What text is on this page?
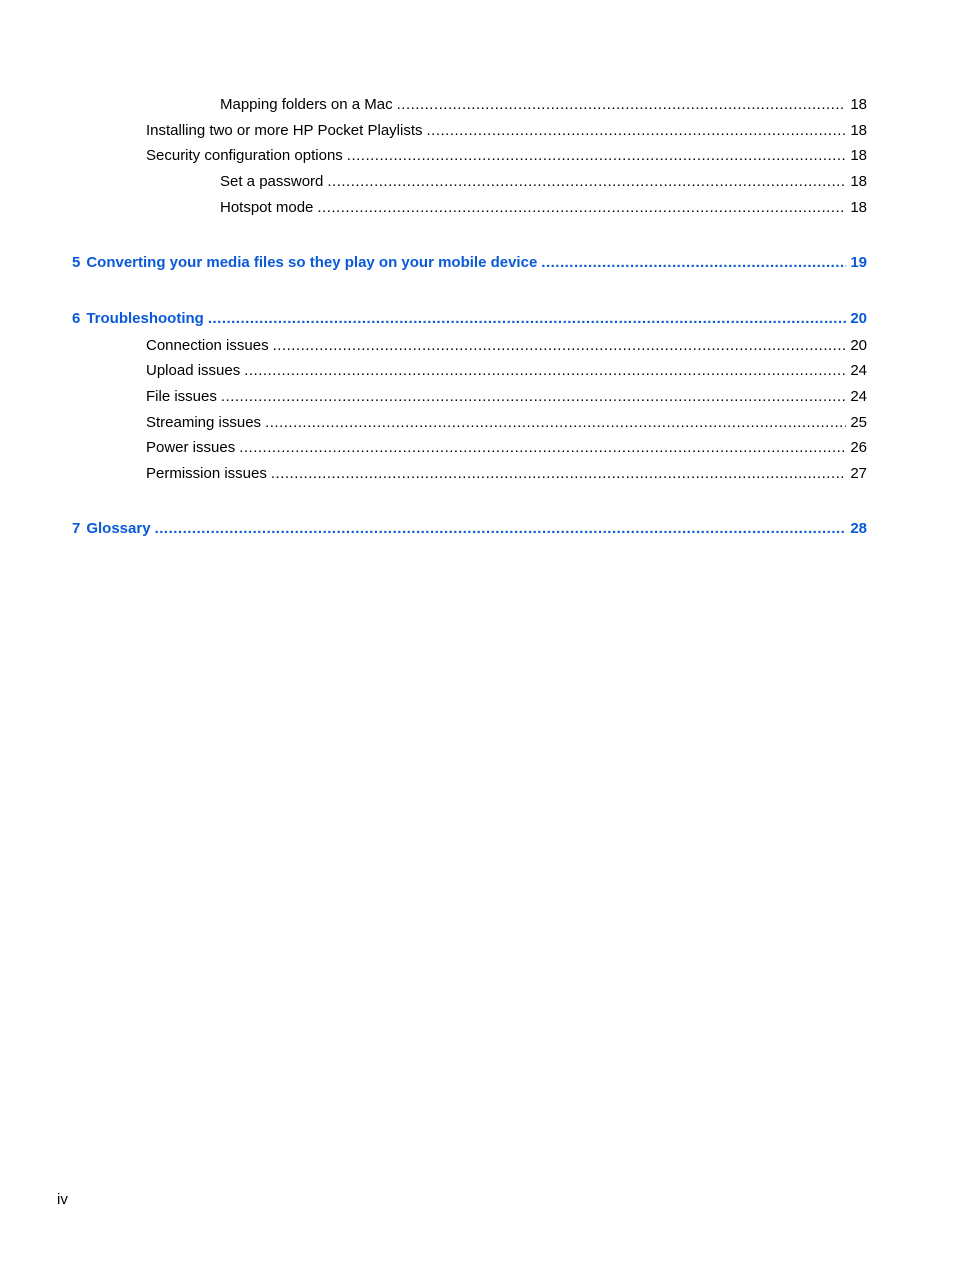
Mapping folders on a Mac .....	18
Installing two or more HP Pocket Playlists .....	18
Security configuration options .....	18
Set a password .....	18
Hotspot mode .....	18
5 Converting your media files so they play on your mobile device .....	19
6 Troubleshooting .....	20
Connection issues .....	20
Upload issues .....	24
File issues .....	24
Streaming issues .....	25
Power issues .....	26
Permission issues .....	27
7 Glossary .....	28
iv
